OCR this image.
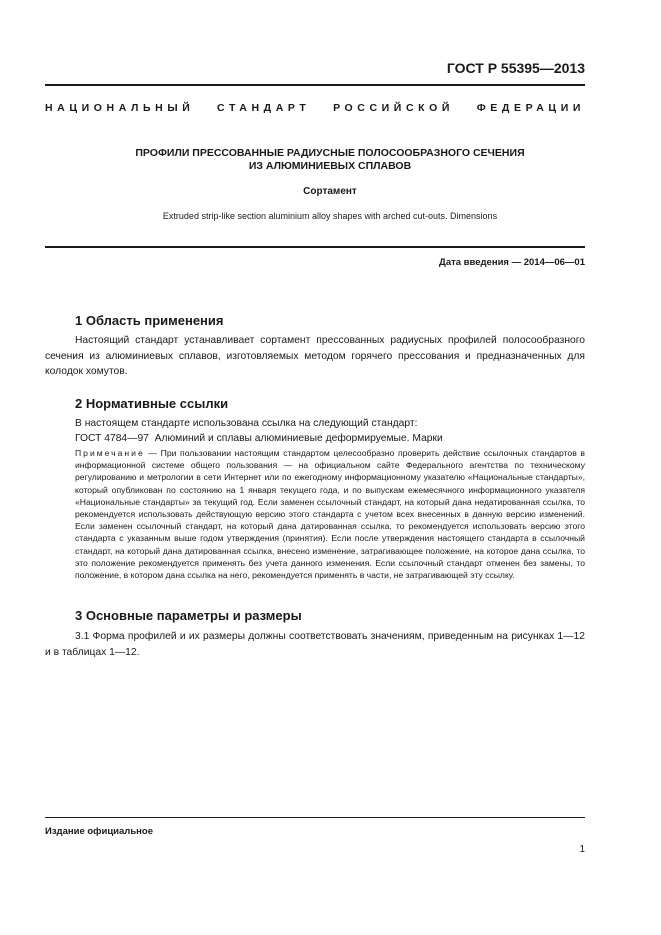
ГОСТ Р 55395—2013
НАЦИОНАЛЬНЫЙ СТАНДАРТ РОССИЙСКОЙ ФЕДЕРАЦИИ
ПРОФИЛИ ПРЕССОВАННЫЕ РАДИУСНЫЕ ПОЛОСООБРАЗНОГО СЕЧЕНИЯ
ИЗ АЛЮМИНИЕВЫХ СПЛАВОВ
Сортамент
Extruded strip-like section aluminium alloy shapes with arched cut-outs. Dimensions
Дата введения — 2014—06—01
1 Область применения
Настоящий стандарт устанавливает сортамент прессованных радиусных профилей полосообразного сечения из алюминиевых сплавов, изготовляемых методом горячего прессования и предназначенных для колодок хомутов.
2 Нормативные ссылки
В настоящем стандарте использована ссылка на следующий стандарт:
ГОСТ 4784—97  Алюминий и сплавы алюминиевые деформируемые. Марки
Примечание — При пользовании настоящим стандартом целесообразно проверить действие ссылочных стандартов в информационной системе общего пользования — на официальном сайте Федерального агентства по техническому регулированию и метрологии в сети Интернет или по ежегодному информационному указателю «Национальные стандарты», который опубликован по состоянию на 1 января текущего года, и по выпускам ежемесячного информационного указателя «Национальные стандарты» за текущий год. Если заменен ссылочный стандарт, на который дана недатированная ссылка, то рекомендуется использовать действующую версию этого стандарта с учетом всех внесенных в данную версию изменений. Если заменен ссылочный стандарт, на который дана датированная ссылка, то рекомендуется использовать версию этого стандарта с указанным выше годом утверждения (принятия). Если после утверждения настоящего стандарта в ссылочный стандарт, на который дана датированная ссылка, внесено изменение, затрагивающее положение, на которое дана ссылка, то это положение рекомендуется применять без учета данного изменения. Если ссылочный стандарт отменен без замены, то положение, в котором дана ссылка на него, рекомендуется применять в части, не затрагивающей эту ссылку.
3 Основные параметры и размеры
3.1 Форма профилей и их размеры должны соответствовать значениям, приведенным на рисунках 1—12 и в таблицах 1—12.
Издание официальное
1
